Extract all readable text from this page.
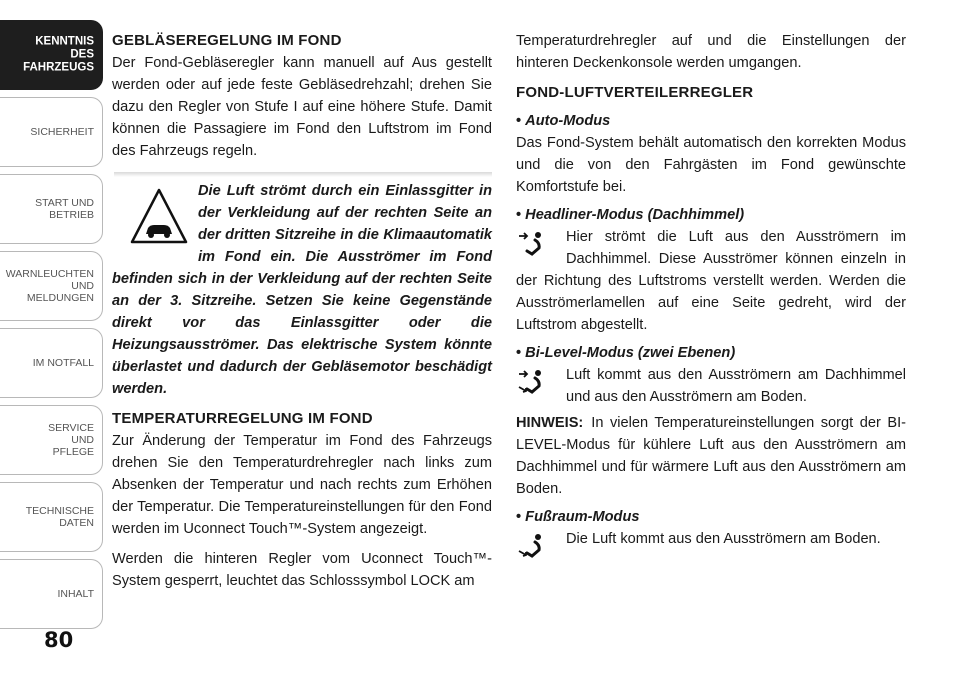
KENNTNIS
DES
FAHRZEUGS
SICHERHEIT
START UND
BETRIEB
WARNLEUCHTEN
UND
MELDUNGEN
IM NOTFALL
SERVICE
UND
PFLEGE
TECHNISCHE
DATEN
INHALT
80
GEBLÄSEREGELUNG IM FOND

Der Fond-Gebläseregler kann manuell auf Aus gestellt werden oder auf jede feste Gebläsedrehzahl; drehen Sie dazu den Regler von Stufe I auf eine höhere Stufe. Damit können die Passagiere im Fond den Luftstrom im Fond des Fahrzeugs regeln.

Die Luft strömt durch ein Einlassgitter in der Verkleidung auf der rechten Seite an der dritten Sitzreihe in die Klimaautomatik im Fond ein. Die Ausströmer im Fond befinden sich in der Verkleidung auf der rechten Seite an der 3. Sitzreihe. Setzen Sie keine Gegenstände direkt vor das Einlassgitter oder die Heizungsausströmer. Das elektrische System könnte überlastet und dadurch der Gebläsemotor beschädigt werden.

TEMPERATURREGELUNG IM FOND

Zur Änderung der Temperatur im Fond des Fahrzeugs drehen Sie den Temperaturdrehregler nach links zum Absenken der Temperatur und nach rechts zum Erhöhen der Temperatur. Die Temperatureinstellungen für den Fond werden im Uconnect Touch™-System angezeigt.

Werden die hinteren Regler vom Uconnect Touch™-System gesperrt, leuchtet das Schlosssymbol LOCK am

Temperaturdrehregler auf und die Einstellungen der hinteren Deckenkonsole werden umgangen.

FOND-LUFTVERTEILERREGLER
• Auto-Modus

Das Fond-System behält automatisch den korrekten Modus und die von den Fahrgästen im Fond gewünschte Komfortstufe bei.

• Headliner-Modus (Dachhimmel)

Hier strömt die Luft aus den Ausströmern im Dachhimmel. Diese Ausströmer können einzeln in der Richtung des Luftstroms verstellt werden. Werden die Ausströmerlamellen auf eine Seite gedreht, wird der Luftstrom abgestellt.

• Bi-Level-Modus (zwei Ebenen)

Luft kommt aus den Ausströmern am Dachhimmel und aus den Ausströmern am Boden.

HINWEIS: In vielen Temperatureinstellungen sorgt der BI-LEVEL-Modus für kühlere Luft aus den Ausströmern am Dachhimmel und für wärmere Luft aus den Ausströmern am Boden.

• Fußraum-Modus

Die Luft kommt aus den Ausströmern am Boden.
